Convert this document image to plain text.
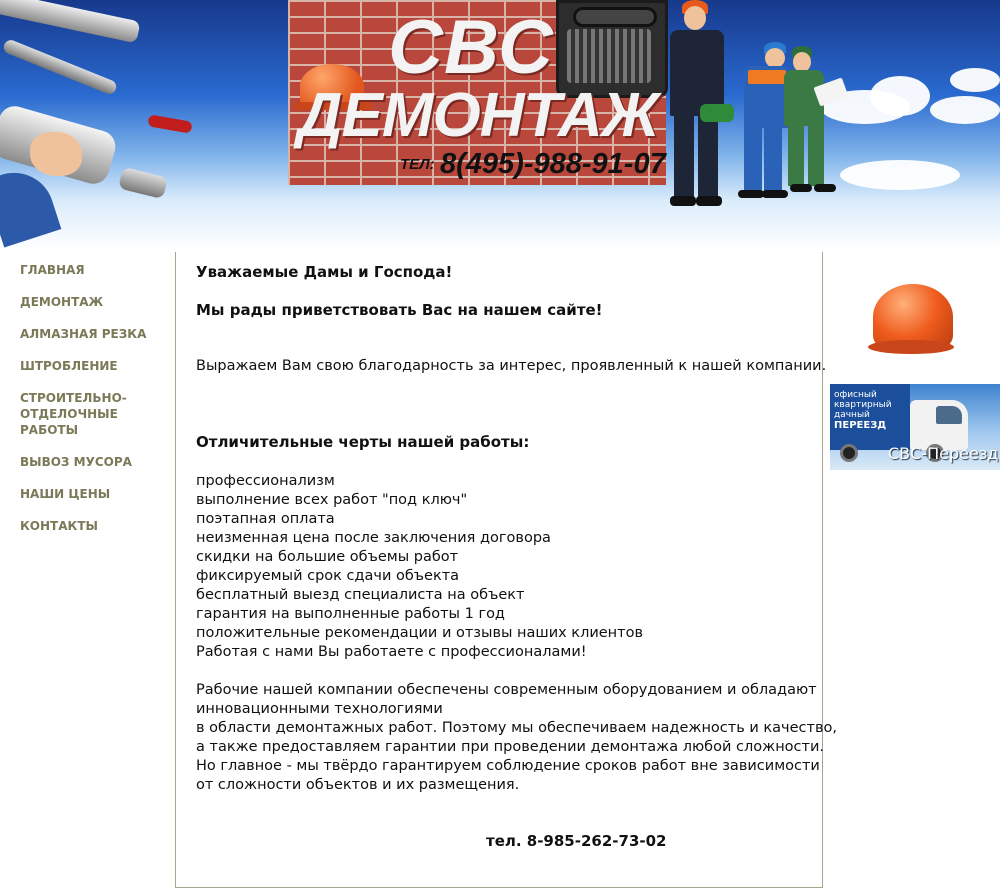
СВС
ДЕМОНТАЖ
ТЕЛ: 8(495)-988-91-07
ГЛАВНАЯ
ДЕМОНТАЖ
АЛМАЗНАЯ РЕЗКА
ШТРОБЛЕНИЕ
СТРОИТЕЛЬНО-ОТДЕЛОЧНЫЕ РАБОТЫ
ВЫВОЗ МУСОРА
НАШИ ЦЕНЫ
КОНТАКТЫ
Уважаемые Дамы и Господа!
Мы рады приветствовать Вас на нашем сайте!
Выражаем Вам свою благодарность за интерес, проявленный к нашей компании.
Отличительные черты нашей работы:
профессионализм
выполнение всех работ "под ключ"
поэтапная оплата
неизменная цена после заключения договора
скидки на большие объемы работ
фиксируемый срок сдачи объекта
бесплатный выезд специалиста на объект
гарантия на выполненные работы 1 год
положительные рекомендации и отзывы наших клиентов
Работая с нами Вы работаете с профессионалами!
Рабочие нашей компании обеспечены современным оборудованием и обладают
инновационными технологиями
в области демонтажных работ. Поэтому мы обеспечиваем надежность и качество,
а также предоставляем гарантии при проведении демонтажа любой сложности.
Но главное - мы твёрдо гарантируем соблюдение сроков работ вне зависимости
от сложности объектов и их размещения.
тел. 8-985-262-73-02
офисный
квартирный
дачный
ПЕРЕЕЗД
СВС-Переезд
